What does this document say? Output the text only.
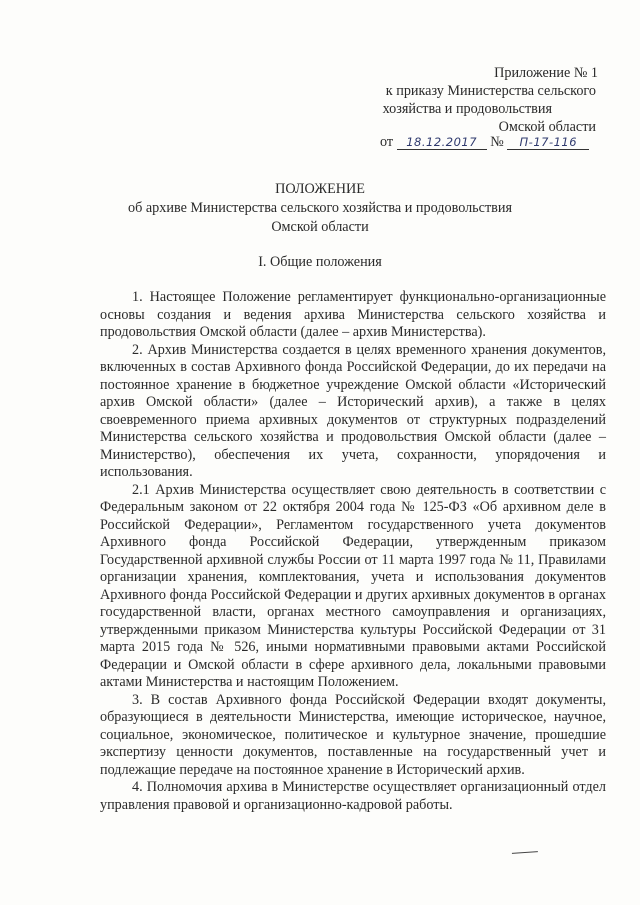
Приложение № 1
к приказу Министерства сельского
хозяйства и продовольствия
Омской области
от 18.12.2017 № П-17-116
ПОЛОЖЕНИЕ
об архиве Министерства сельского хозяйства и продовольствия
Омской области
I. Общие положения

1. Настоящее Положение регламентирует функционально-организационные основы создания и ведения архива Министерства сельского хозяйства и продовольствия Омской области (далее – архив Министерства).

2. Архив Министерства создается в целях временного хранения документов, включенных в состав Архивного фонда Российской Федерации, до их передачи на постоянное хранение в бюджетное учреждение Омской области «Исторический архив Омской области» (далее – Исторический архив), а также в целях своевременного приема архивных документов от структурных подразделений Министерства сельского хозяйства и продовольствия Омской области (далее – Министерство), обеспечения их учета, сохранности, упорядочения и использования.

2.1 Архив Министерства осуществляет свою деятельность в соответствии с Федеральным законом от 22 октября 2004 года № 125-ФЗ «Об архивном деле в Российской Федерации», Регламентом государственного учета документов Архивного фонда Российской Федерации, утвержденным приказом Государственной архивной службы России от 11 марта 1997 года № 11, Правилами организации хранения, комплектования, учета и использования документов Архивного фонда Российской Федерации и других архивных документов в органах государственной власти, органах местного самоуправления и организациях, утвержденными приказом Министерства культуры Российской Федерации от 31 марта 2015 года № 526, иными нормативными правовыми актами Российской Федерации и Омской области в сфере архивного дела, локальными правовыми актами Министерства и настоящим Положением.

3. В состав Архивного фонда Российской Федерации входят документы, образующиеся в деятельности Министерства, имеющие историческое, научное, социальное, экономическое, политическое и культурное значение, прошедшие экспертизу ценности документов, поставленные на государственный учет и подлежащие передаче на постоянное хранение в Исторический архив.

4. Полномочия архива в Министерстве осуществляет организационный отдел управления правовой и организационно-кадровой работы.
